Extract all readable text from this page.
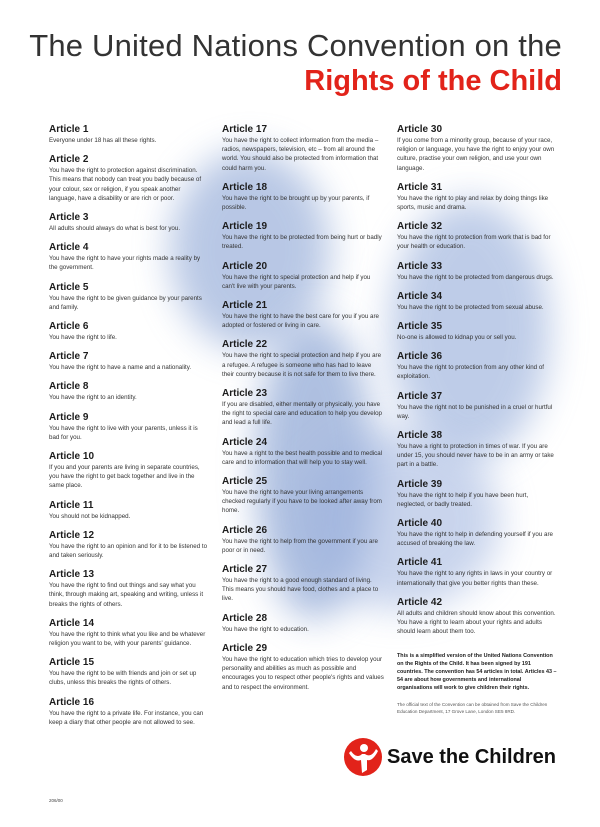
The United Nations Convention on the
Rights of the Child
Article 1
Everyone under 18 has all these rights.
Article 2
You have the right to protection against discrimination. This means that nobody can treat you badly because of your colour, sex or religion, if you speak another language, have a disability or are rich or poor.
Article 3
All adults should always do what is best for you.
Article 4
You have the right to have your rights made a reality by the government.
Article 5
You have the right to be given guidance by your parents and family.
Article 6
You have the right to life.
Article 7
You have the right to have a name and a nationality.
Article 8
You have the right to an identity.
Article 9
You have the right to live with your parents, unless it is bad for you.
Article 10
If you and your parents are living in separate countries, you have the right to get back together and live in the same place.
Article 11
You should not be kidnapped.
Article 12
You have the right to an opinion and for it to be listened to and taken seriously.
Article 13
You have the right to find out things and say what you think, through making art, speaking and writing, unless it breaks the rights of others.
Article 14
You have the right to think what you like and be whatever religion you want to be, with your parents' guidance.
Article 15
You have the right to be with friends and join or set up clubs, unless this breaks the rights of others.
Article 16
You have the right to a private life. For instance, you can keep a diary that other people are not allowed to see.
Article 17
You have the right to collect information from the media – radios, newspapers, television, etc – from all around the world. You should also be protected from information that could harm you.
Article 18
You have the right to be brought up by your parents, if possible.
Article 19
You have the right to be protected from being hurt or badly treated.
Article 20
You have the right to special protection and help if you can't live with your parents.
Article 21
You have the right to have the best care for you if you are adopted or fostered or living in care.
Article 22
You have the right to special protection and help if you are a refugee. A refugee is someone who has had to leave their country because it is not safe for them to live there.
Article 23
If you are disabled, either mentally or physically, you have the right to special care and education to help you develop and lead a full life.
Article 24
You have a right to the best health possible and to medical care and to information that will help you to stay well.
Article 25
You have the right to have your living arrangements checked regularly if you have to be looked after away from home.
Article 26
You have the right to help from the government if you are poor or in need.
Article 27
You have the right to a good enough standard of living. This means you should have food, clothes and a place to live.
Article 28
You have the right to education.
Article 29
You have the right to education which tries to develop your personality and abilities as much as possible and encourages you to respect other people's rights and values and to respect the environment.
Article 30
If you come from a minority group, because of your race, religion or language, you have the right to enjoy your own culture, practise your own religion, and use your own language.
Article 31
You have the right to play and relax by doing things like sports, music and drama.
Article 32
You have the right to protection from work that is bad for your health or education.
Article 33
You have the right to be protected from dangerous drugs.
Article 34
You have the right to be protected from sexual abuse.
Article 35
No-one is allowed to kidnap you or sell you.
Article 36
You have the right to protection from any other kind of exploitation.
Article 37
You have the right not to be punished in a cruel or hurtful way.
Article 38
You have a right to protection in times of war. If you are under 15, you should never have to be in an army or take part in a battle.
Article 39
You have the right to help if you have been hurt, neglected, or badly treated.
Article 40
You have the right to help in defending yourself if you are accused of breaking the law.
Article 41
You have the right to any rights in laws in your country or internationally that give you better rights than these.
Article 42
All adults and children should know about this convention. You have a right to learn about your rights and adults should learn about them too.
This is a simplified version of the United Nations Convention on the Rights of the Child. It has been signed by 191 countries. The convention has 54 articles in total. Articles 43 – 54 are about how governments and international organisations will work to give children their rights.
The official text of the Convention can be obtained from Save the Children Education Department, 17 Grove Lane, London SE5 8RD.
206/00
Save the Children
